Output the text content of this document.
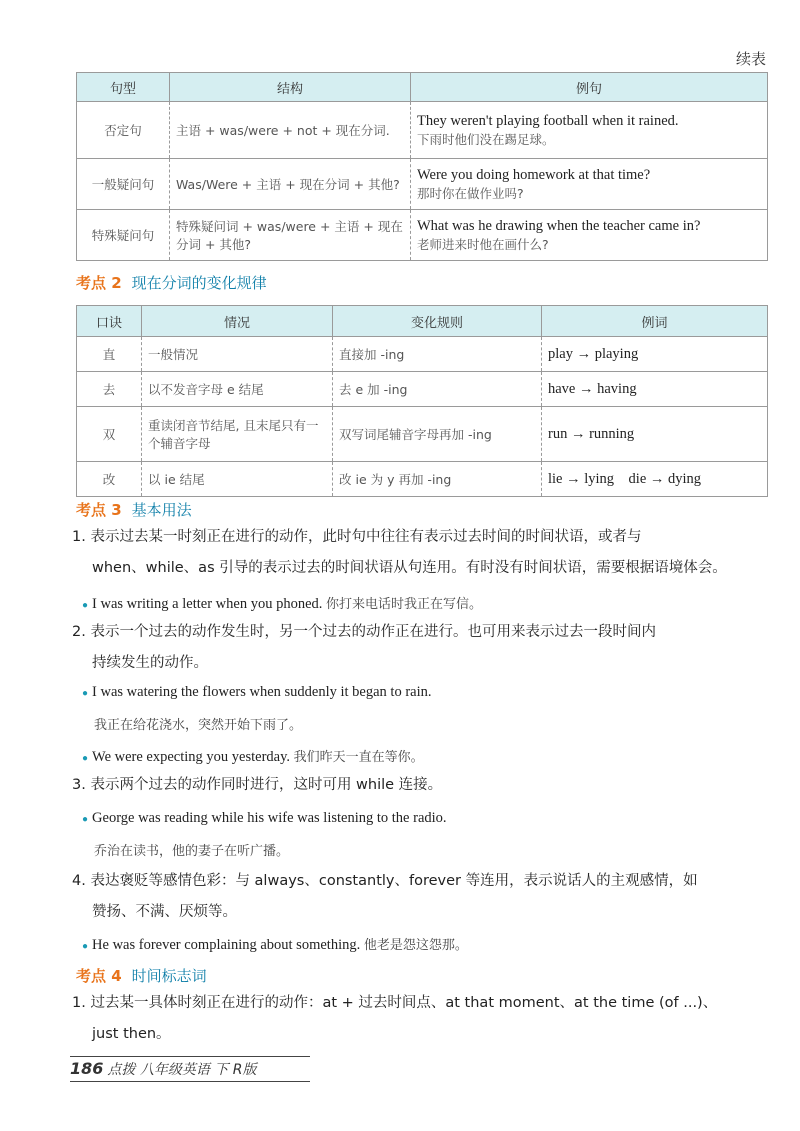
续表
句型	结构	例句
否定句	主语 + was/were + not + 现在分词.	They weren't playing football when it rained.
下雨时他们没在踢足球。

一般疑问句	Was/Were + 主语 + 现在分词 + 其他?	Were you doing homework at that time?
那时你在做作业吗?

特殊疑问句	特殊疑问词 + was/were + 主语 + 现在分词 + 其他?	What was he drawing when the teacher came in?
老师进来时他在画什么?
考点 2 现在分词的变化规律
口诀	情况	变化规则	例词
直	一般情况	直接加 -ing	play → playing
去	以不发音字母 e 结尾	去 e 加 -ing	have → having
双	重读闭音节结尾, 且末尾只有一个辅音字母	双写词尾辅音字母再加 -ing	run → running
改	以 ie 结尾	改 ie 为 y 再加 -ing	lie → lying    die → dying
考点 3 基本用法
1. 表示过去某一时刻正在进行的动作，此时句中往往有表示过去时间的时间状语，或者与
when、while、as 引导的表示过去的时间状语从句连用。有时没有时间状语，需要根据语境体会。
● I was writing a letter when you phoned. 你打来电话时我正在写信。
2. 表示一个过去的动作发生时，另一个过去的动作正在进行。也可用来表示过去一段时间内
持续发生的动作。
● I was watering the flowers when suddenly it began to rain.
我正在给花浇水，突然开始下雨了。
● We were expecting you yesterday. 我们昨天一直在等你。
3. 表示两个过去的动作同时进行，这时可用 while 连接。
● George was reading while his wife was listening to the radio.
乔治在读书，他的妻子在听广播。
4. 表达褒贬等感情色彩：与 always、constantly、forever 等连用，表示说话人的主观感情，如
赞扬、不满、厌烦等。
● He was forever complaining about something. 他老是怨这怨那。
考点 4 时间标志词
1. 过去某一具体时刻正在进行的动作：at + 过去时间点、at that moment、at the time (of ...)、
just then。
186 点拨 八年级英语 下 R版
